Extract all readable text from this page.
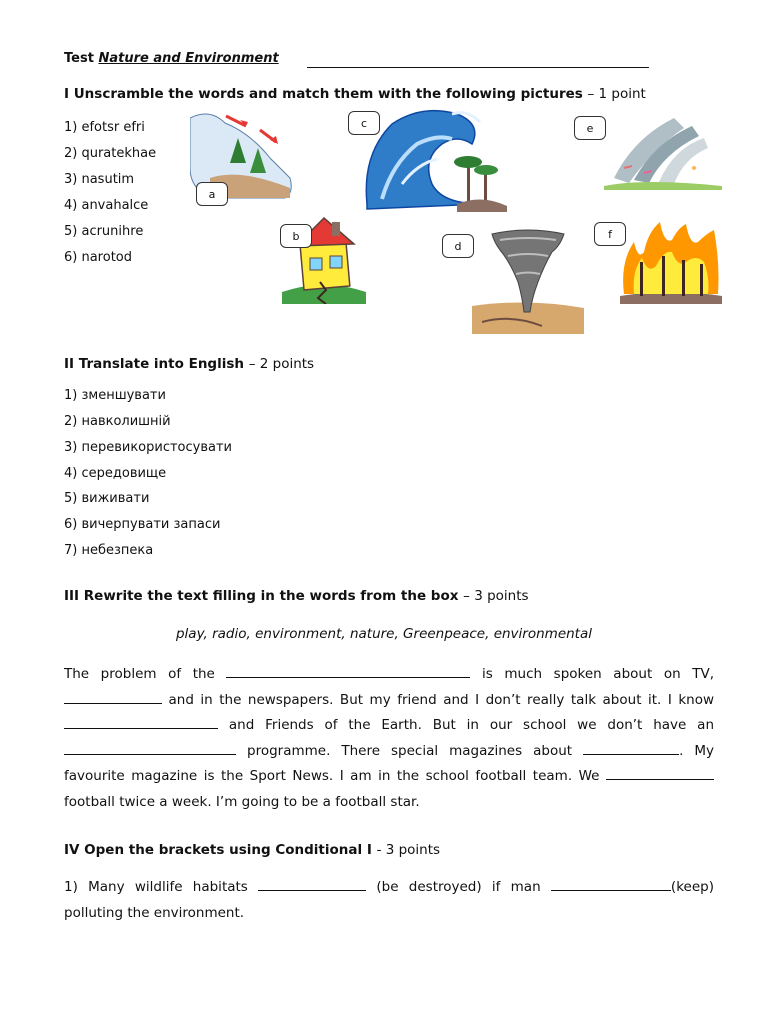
Test Nature and Environment
I Unscramble the words and match them with the following pictures – 1 point
1) efotsr efri
2) quratekhae
3) nasutim
4) anvahalce
5) acrunihre
6) narotod
a
c	e
b
d
f
II Translate into English – 2 points
1) зменшувати
2) навколишній
3) перевикористосувати
4) середовище
5) виживати
6) вичерпувати запаси
7) небезпека
III Rewrite the text filling in the words from the box – 3 points
play, radio, environment, nature, Greenpeace, environmental
The problem of the	is much spoken about on TV,  and in the newspapers. But my friend and I don’t really talk about it. I know  and Friends of the Earth. But in our school we don’t have an  programme. There special magazines about	. My favourite magazine is the Sport News. I am in the school football team. We  football twice a week. I’m going to be a football star.
IV Open the brackets using Conditional I - 3 points
1) Many wildlife habitats	(be destroyed) if man	(keep) polluting the environment.
